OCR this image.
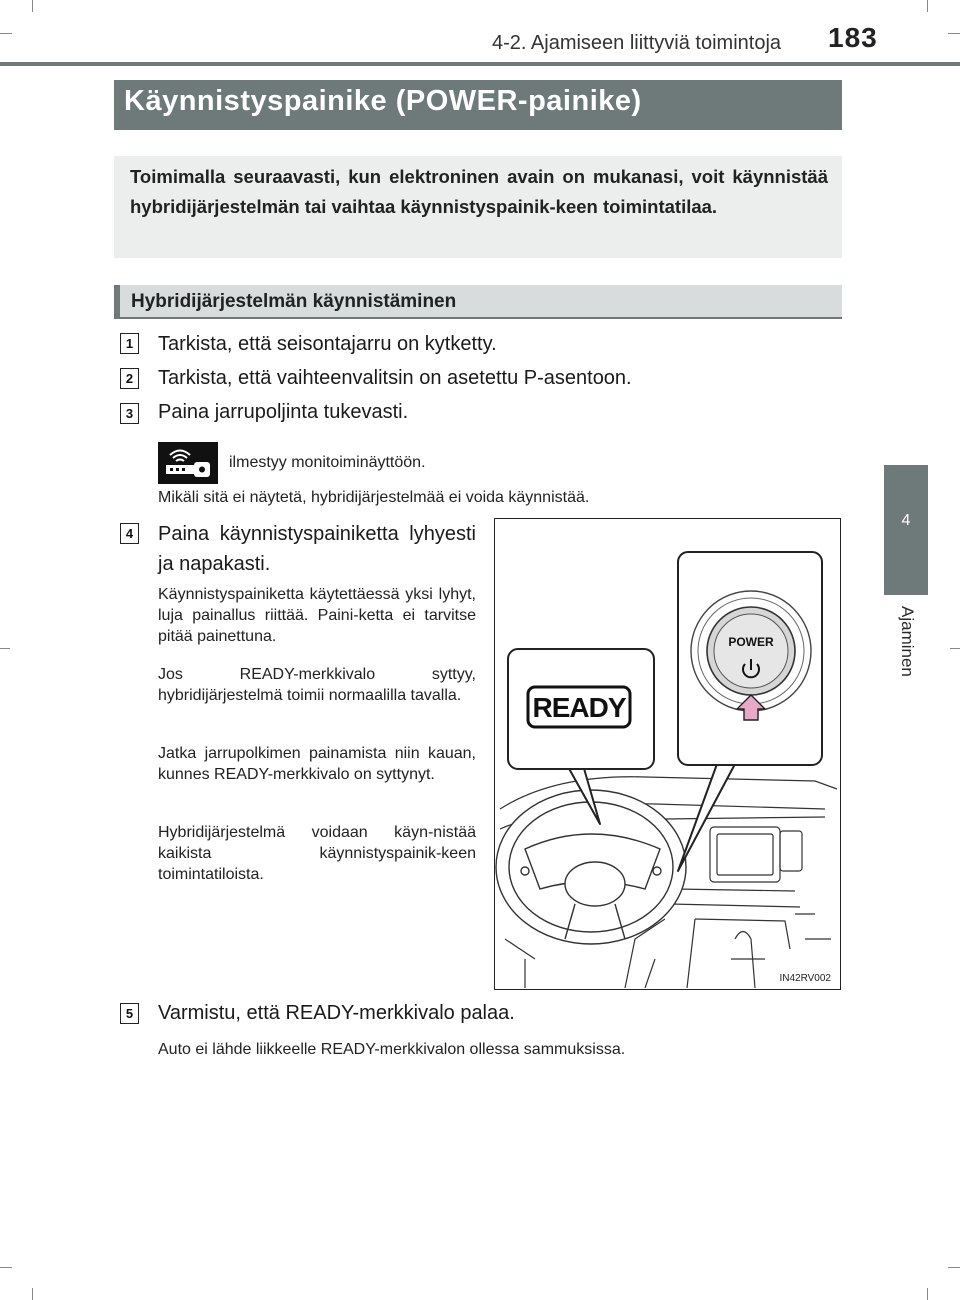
4-2. Ajamiseen liittyviä toimintoja 183
4
Ajaminen
Käynnistyspainike (POWER-painike)
Toimimalla seuraavasti, kun elektroninen avain on mukanasi, voit käynnistää hybridijärjestelmän tai vaihtaa käynnistyspainik-keen toimintatilaa.
Hybridijärjestelmän käynnistäminen
1 Tarkista, että seisontajarru on kytketty.
2 Tarkista, että vaihteenvalitsin on asetettu P-asentoon.
3 Paina jarrupoljinta tukevasti.
ilmestyy monitoiminäyttöön.
Mikäli sitä ei näytetä, hybridijärjestelmää ei voida käynnistää.
4 Paina käynnistyspainiketta lyhyesti ja napakasti.
Käynnistyspainiketta käytettäessä yksi lyhyt, luja painallus riittää. Paini-ketta ei tarvitse pitää painettuna.
Jos READY-merkkivalo syttyy, hybridijärjestelmä toimii normaalilla tavalla.
Jatka jarrupolkimen painamista niin kauan, kunnes READY-merkkivalo on syttynyt.
Hybridijärjestelmä voidaan käyn-nistää kaikista käynnistyspainik-keen toimintatiloista.
READY
POWER
IN42RV002
5 Varmistu, että READY-merkkivalo palaa.
Auto ei lähde liikkeelle READY-merkkivalon ollessa sammuksissa.
